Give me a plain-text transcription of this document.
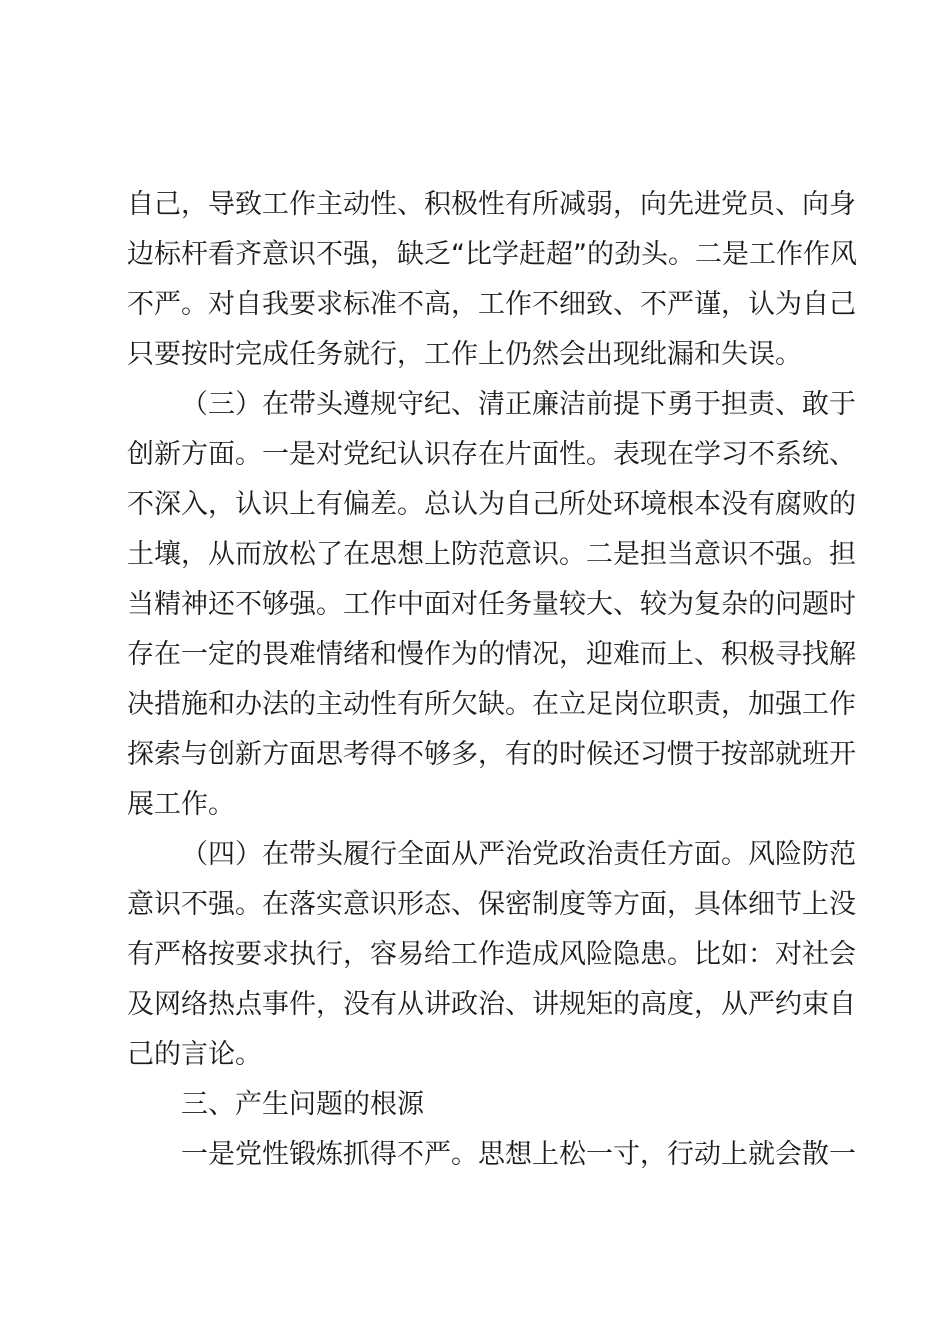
自己，导致工作主动性、积极性有所减弱，向先进党员、向身

边标杆看齐意识不强，缺乏“比学赶超”的劲头。二是工作作风

不严。对自我要求标准不高，工作不细致、不严谨，认为自己

只要按时完成任务就行，工作上仍然会出现纰漏和失误。

（三）在带头遵规守纪、清正廉洁前提下勇于担责、敢于

创新方面。一是对党纪认识存在片面性。表现在学习不系统、

不深入，认识上有偏差。总认为自己所处环境根本没有腐败的

土壤，从而放松了在思想上防范意识。二是担当意识不强。担

当精神还不够强。工作中面对任务量较大、较为复杂的问题时

存在一定的畏难情绪和慢作为的情况，迎难而上、积极寻找解

决措施和办法的主动性有所欠缺。在立足岗位职责，加强工作

探索与创新方面思考得不够多，有的时候还习惯于按部就班开

展工作。

（四）在带头履行全面从严治党政治责任方面。风险防范

意识不强。在落实意识形态、保密制度等方面，具体细节上没

有严格按要求执行，容易给工作造成风险隐患。比如：对社会

及网络热点事件，没有从讲政治、讲规矩的高度，从严约束自

己的言论。

三、产生问题的根源

一是党性锻炼抓得不严。思想上松一寸，行动上就会散一
